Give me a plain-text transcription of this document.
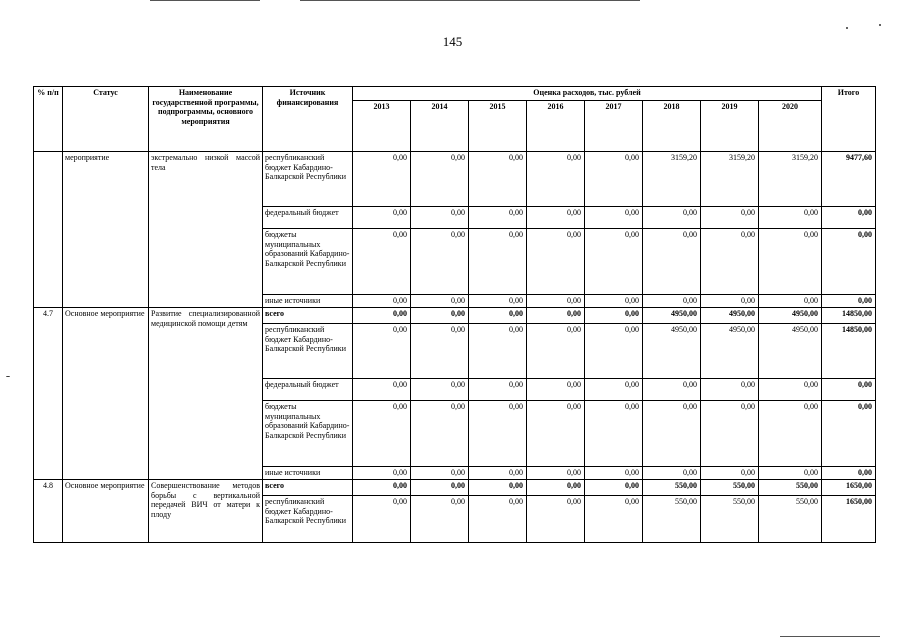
145
% п/п	Статус	Наименование государственной программы, подпрограммы, основного мероприятия	Источник финансирования	Оценка расходов, тыс. рублей								Итого
				2013	2014	2015	2016	2017	2018	2019	2020	
	мероприятие	экстремально низкой массой тела	республиканский бюджет Кабардино-Балкарской Республики	0,00	0,00	0,00	0,00	0,00	3159,20	3159,20	3159,20	9477,60
			федеральный бюджет	0,00	0,00	0,00	0,00	0,00	0,00	0,00	0,00	0,00
			бюджеты муниципальных образований Кабардино-Балкарской Республики	0,00	0,00	0,00	0,00	0,00	0,00	0,00	0,00	0,00
			иные источники	0,00	0,00	0,00	0,00	0,00	0,00	0,00	0,00	0,00
4.7	Основное мероприятие	Развитие специализированной медицинской помощи детям	всего	0,00	0,00	0,00	0,00	0,00	4950,00	4950,00	4950,00	14850,00
			республиканский бюджет Кабардино-Балкарской Республики	0,00	0,00	0,00	0,00	0,00	4950,00	4950,00	4950,00	14850,00
			федеральный бюджет	0,00	0,00	0,00	0,00	0,00	0,00	0,00	0,00	0,00
			бюджеты муниципальных образований Кабардино-Балкарской Республики	0,00	0,00	0,00	0,00	0,00	0,00	0,00	0,00	0,00
			иные источники	0,00	0,00	0,00	0,00	0,00	0,00	0,00	0,00	0,00
4.8	Основное мероприятие	Совершенствование методов борьбы с вертикальной передачей ВИЧ от матери к плоду	всего	0,00	0,00	0,00	0,00	0,00	550,00	550,00	550,00	1650,00
			республиканский бюджет Кабардино-Балкарской Республики	0,00	0,00	0,00	0,00	0,00	550,00	550,00	550,00	1650,00
